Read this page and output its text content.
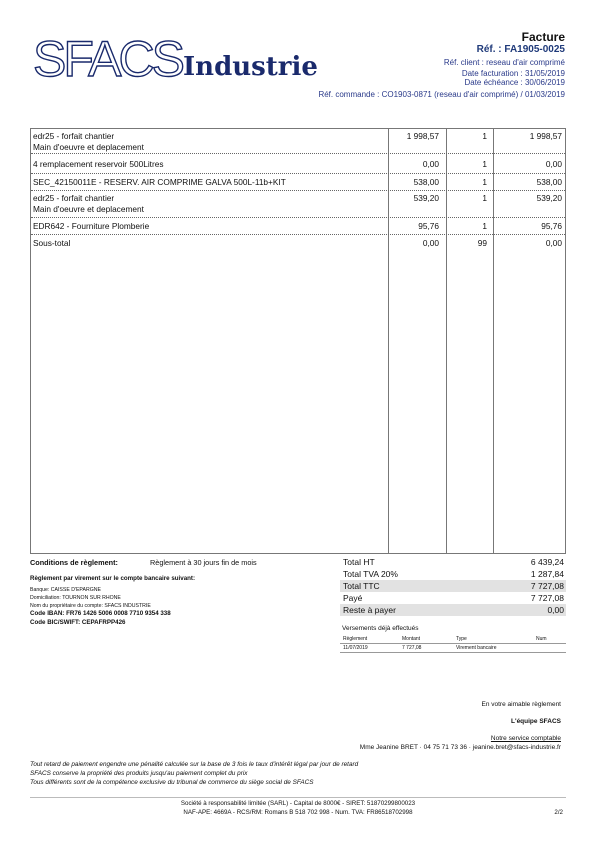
SFACS Industrie
Facture
Réf. : FA1905-0025
Réf. client : reseau d'air comprimé
Date facturation : 31/05/2019
Date échéance : 30/06/2019
Réf. commande : CO1903-0871 (reseau d'air comprimé) / 01/03/2019
edr25 - forfait chantier
Main d'oeuvre et deplacement
1 998,57	1	1 998,57
4 remplacement reservoir 500Litres	0,00	1	0,00
SEC_42150011E - RESERV. AIR COMPRIME GALVA 500L-11b+KIT	538,00	1	538,00
edr25 - forfait chantier
Main d'oeuvre et deplacement
539,20	1	539,20
EDR642 - Fourniture Plomberie	95,76	1	95,76
Sous-total	0,00	99	0,00
Conditions de règlement:	Règlement à 30 jours fin de mois
Règlement par virement sur le compte bancaire suivant:
Banque: CAISSE D'EPARGNE
Domiciliation: TOURNON SUR RHONE
Nom du propriétaire du compte: SFACS INDUSTRIE
Code IBAN: FR76 1426 5006 0008 7710 9354 338
Code BIC/SWIFT: CEPAFRPP426
Total HT	6 439,24
Total TVA 20%	1 287,84
Total TTC	7 727,08
Payé	7 727,08
Reste à payer	0,00
Versements déjà effectués
Règlement	Montant	Type	Num
11/07/2019	7 727,08	Virement bancaire
En votre aimable règlement
L'équipe SFACS
Notre service comptable
Mme Jeanine BRET · 04 75 71 73 36 · jeanine.bret@sfacs-industrie.fr
Tout retard de paiement engendre une pénalité calculée sur la base de 3 fois le taux d'intérêt légal par jour de retard
SFACS conserve la propriété des produits jusqu'au paiement complet du prix
Tous différents sont de la compétence exclusive du tribunal de commerce du siège social de SFACS
Société à responsabilité limitée (SARL) - Capital de 8000€ - SIRET: 51870299800023
NAF-APE: 4669A - RCS/RM: Romans B 518 702 998 - Num. TVA: FR86518702998	2/2
